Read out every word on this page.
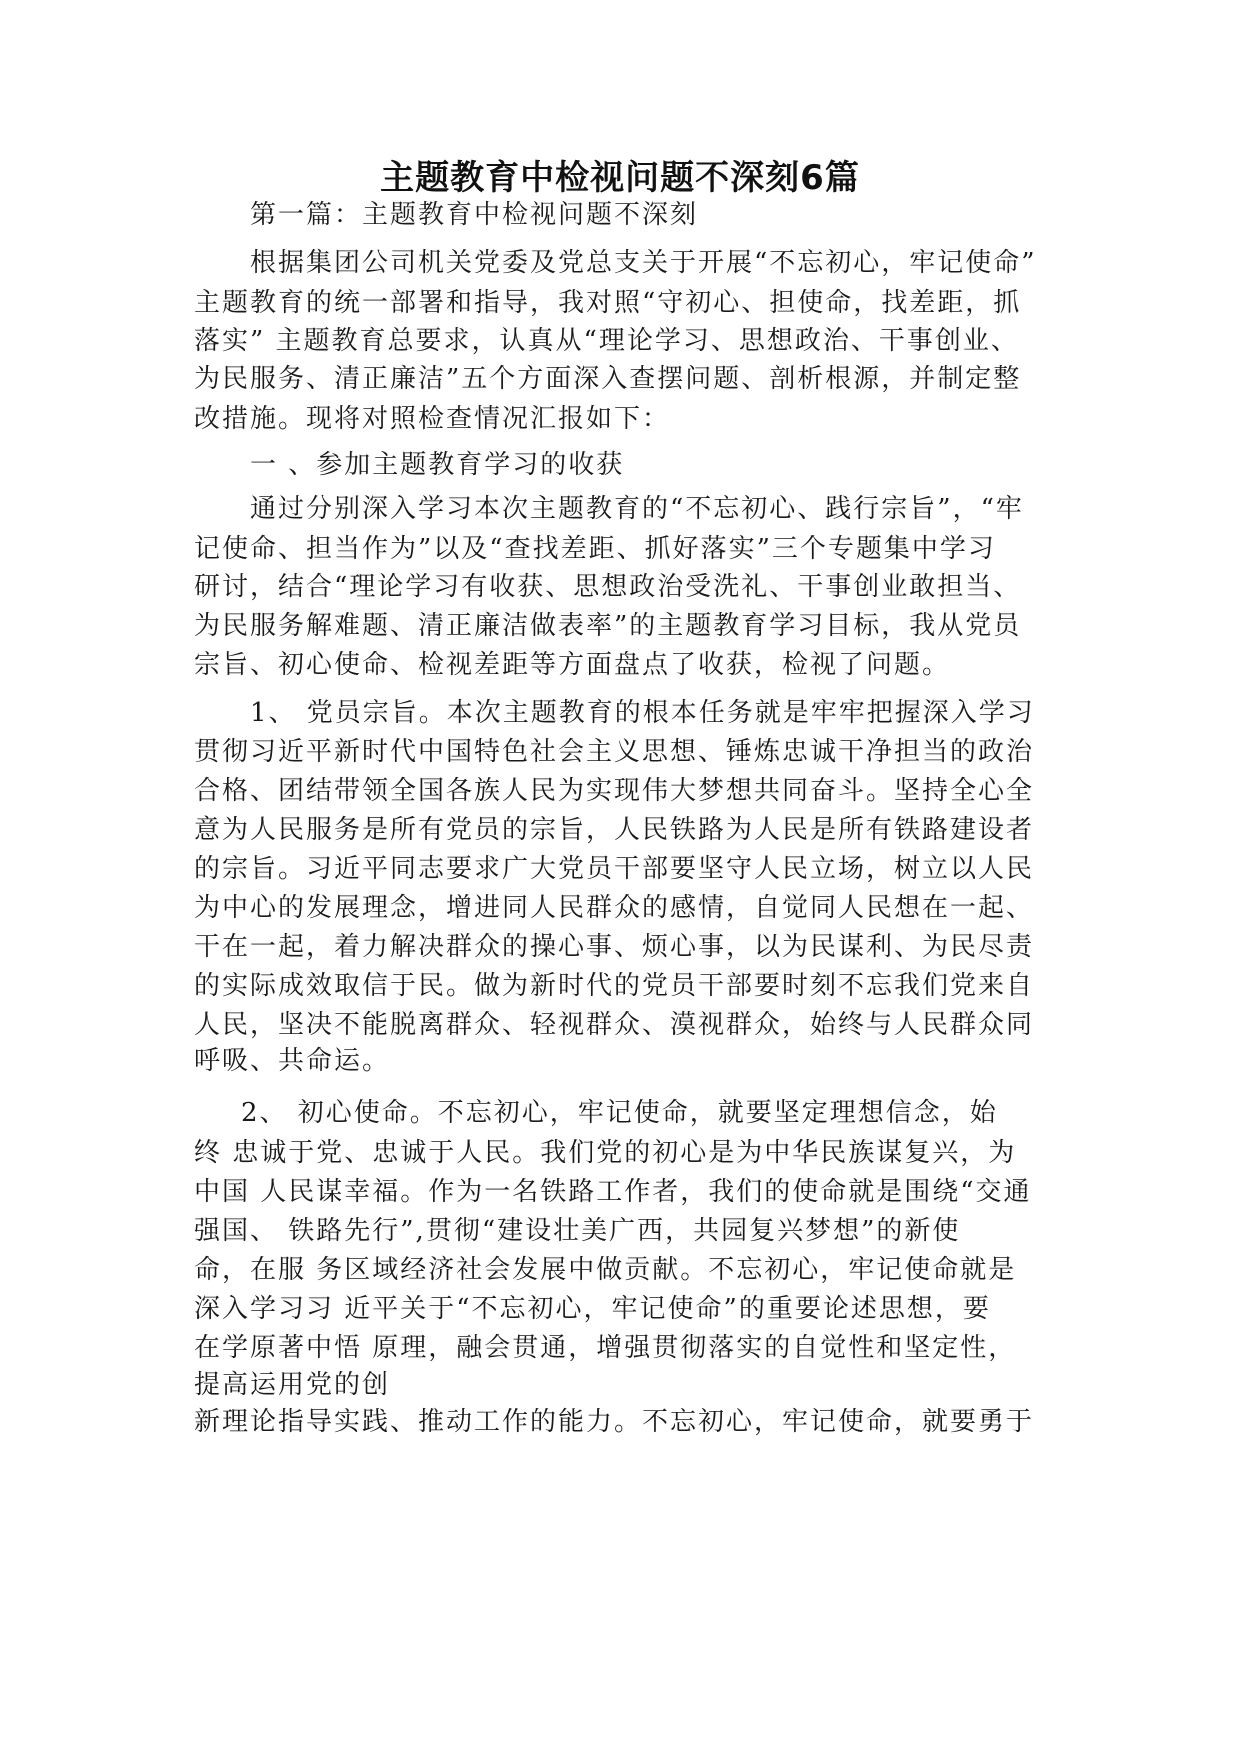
主题教育中检视问题不深刻6篇
第一篇：主题教育中检视问题不深刻
根据集团公司机关党委及党总支关于开展“不忘初心，牢记使命”
主题教育的统一部署和指导，我对照“守初心、担使命，找差距，抓
落实” 主题教育总要求，认真从“理论学习、思想政治、干事创业、
为民服务、清正廉洁”五个方面深入查摆问题、剖析根源，并制定整
改措施。现将对照检查情况汇报如下：
一 、参加主题教育学习的收获
通过分别深入学习本次主题教育的“不忘初心、践行宗旨”，“牢
记使命、担当作为”以及“查找差距、抓好落实”三个专题集中学习
研讨，结合“理论学习有收获、思想政治受洗礼、干事创业敢担当、
为民服务解难题、清正廉洁做表率”的主题教育学习目标，我从党员
宗旨、初心使命、检视差距等方面盘点了收获，检视了问题。
1、 党员宗旨。本次主题教育的根本任务就是牢牢把握深入学习
贯彻习近平新时代中国特色社会主义思想、锤炼忠诚干净担当的政治
合格、团结带领全国各族人民为实现伟大梦想共同奋斗。坚持全心全
意为人民服务是所有党员的宗旨，人民铁路为人民是所有铁路建设者
的宗旨。习近平同志要求广大党员干部要坚守人民立场，树立以人民
为中心的发展理念，增进同人民群众的感情，自觉同人民想在一起、
干在一起，着力解决群众的操心事、烦心事，以为民谋利、为民尽责
的实际成效取信于民。做为新时代的党员干部要时刻不忘我们党来自
人民，坚决不能脱离群众、轻视群众、漠视群众，始终与人民群众同
呼吸、共命运。
2、 初心使命。不忘初心，牢记使命，就要坚定理想信念，始
终 忠诚于党、忠诚于人民。我们党的初心是为中华民族谋复兴，为
中国 人民谋幸福。作为一名铁路工作者，我们的使命就是围绕“交通
强国、 铁路先行”,贯彻“建设壮美广西，共园复兴梦想”的新使
命，在服 务区域经济社会发展中做贡献。不忘初心，牢记使命就是
深入学习习 近平关于“不忘初心，牢记使命”的重要论述思想，要
在学原著中悟 原理，融会贯通，增强贯彻落实的自觉性和坚定性，
提高运用党的创
新理论指导实践、推动工作的能力。不忘初心，牢记使命，就要勇于
